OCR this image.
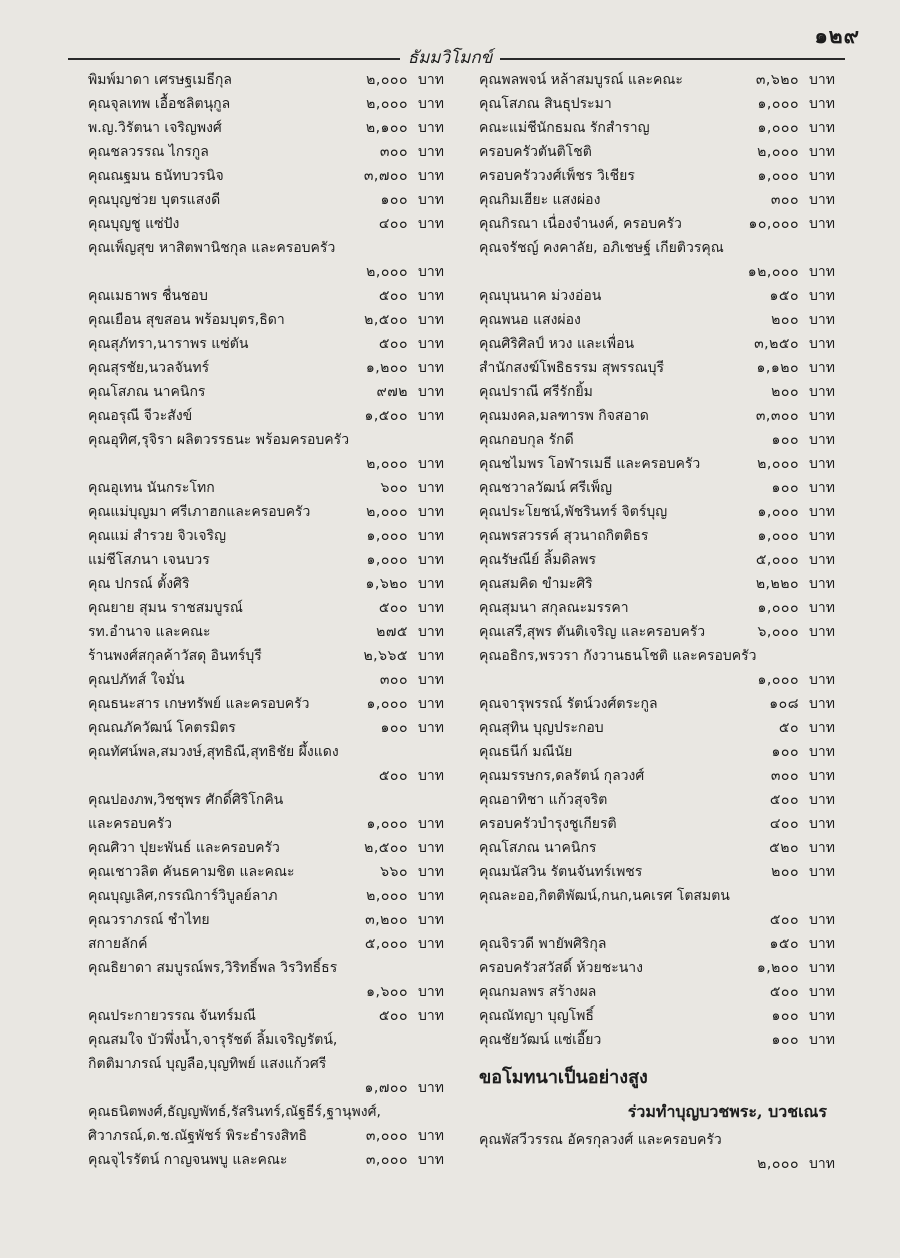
๑๒๙
ธัมมวิโมกข์
พิมพ์มาดา เศรษฐเมธีกุล	๒,๐๐๐ บาท
คุณจุลเทพ เอื้อชลิตนุกูล	๒,๐๐๐ บาท
พ.ญ.วิรัตนา เจริญพงศ์	๒,๑๐๐ บาท
คุณชลวรรณ ไกรกูล	๓๐๐ บาท
คุณณฐมน ธนัทบวรนิจ	๓,๗๐๐ บาท
คุณบุญช่วย บุตรแสงดี	๑๐๐ บาท
คุณบุญชู แซ่ปัง	๔๐๐ บาท
คุณเพ็ญสุข หาสิตพานิชกุล และครอบครัว
๒,๐๐๐ บาท
คุณเมธาพร ชื่นชอบ	๕๐๐ บาท
คุณเยือน สุขสอน พร้อมบุตร,ธิดา	๒,๕๐๐ บาท
คุณสุภัทรา,นาราพร แซ่ตัน	๕๐๐ บาท
คุณสุรชัย,นวลจันทร์	๑,๒๐๐ บาท
คุณโสภณ นาคนิกร	๙๗๒ บาท
คุณอรุณี จีวะสังข์	๑,๕๐๐ บาท
คุณอุทิศ,รุจิรา ผลิตวรรธนะ พร้อมครอบครัว
๒,๐๐๐ บาท
คุณอุเทน นันกระโทก	๖๐๐ บาท
คุณแม่บุญมา ศรีเภาฮกและครอบครัว	๒,๐๐๐ บาท
คุณแม่ สำรวย จิวเจริญ	๑,๐๐๐ บาท
แม่ชีโสภนา เจนบวร	๑,๐๐๐ บาท
คุณ ปกรณ์ ตั้งศิริ	๑,๖๒๐ บาท
คุณยาย สุมน ราชสมบูรณ์	๕๐๐ บาท
รท.อำนาจ และคณะ	๒๗๕ บาท
ร้านพงศ์สกุลค้าวัสดุ อินทร์บุรี	๒,๖๖๕ บาท
คุณปภัทส์ ใจมั่น	๓๐๐ บาท
คุณธนะสาร เกษทรัพย์ และครอบครัว	๑,๐๐๐ บาท
คุณณภัควัฒน์ โคตรมิตร	๑๐๐ บาท
คุณทัศน์พล,สมวงษ์,สุทธิณี,สุทธิชัย ผึ้งแดง
๕๐๐ บาท
คุณปองภพ,วิชชุพร ศักดิ์ศิริโกคิน
และครอบครัว	๑,๐๐๐ บาท
คุณศิวา ปุยะพันธ์ และครอบครัว	๒,๕๐๐ บาท
คุณเชาวลิต คันธคามชิต และคณะ	๖๖๐ บาท
คุณบุญเลิศ,กรรณิการ์วิบูลย์ลาภ	๒,๐๐๐ บาท
คุณวราภรณ์ ชำไทย	๓,๒๐๐ บาท
สกายลักค์	๕,๐๐๐ บาท
คุณธิยาดา สมบูรณ์พร,วิริทธิ์พล วิรวิทธิ์ธร
๑,๖๐๐ บาท
คุณประกายวรรณ จันทร์มณี	๕๐๐ บาท
คุณสมใจ บัวพึ่งน้ำ,จารุรัชต์ ลิ้มเจริญรัตน์,
กิตติมาภรณ์ บุญลือ,บุญทิพย์ แสงแก้วศรี
๑,๗๐๐ บาท
คุณธนิตพงศ์,ธัญญพัทธ์,รัสรินทร์,ณัฐธีร์,ฐานุพงศ์,
ศิวาภรณ์,ด.ช.ณัฐพัชร์ พิระธำรงสิทธิ	๓,๐๐๐ บาท
คุณจุไรรัตน์ กาญจนพบู และคณะ	๓,๐๐๐ บาท
คุณพลพจน์ หล้าสมบูรณ์ และคณะ	๓,๖๒๐ บาท
คุณโสภณ สินธุประมา	๑,๐๐๐ บาท
คณะแม่ชีนักธมณ รักสำราญ	๑,๐๐๐ บาท
ครอบครัวตันติโชติ	๒,๐๐๐ บาท
ครอบครัววงศ์เพ็ชร วิเชียร	๑,๐๐๐ บาท
คุณกิมเฮียะ แสงผ่อง	๓๐๐ บาท
คุณกิรณา เนื่องจำนงค์, ครอบครัว	๑๐,๐๐๐ บาท
คุณจรัชญ์ คงคาลัย, อภิเชษฐ์ เกียติวรคุณ
๑๒,๐๐๐ บาท
คุณบุนนาค ม่วงอ่อน	๑๕๐ บาท
คุณพนอ แสงผ่อง	๒๐๐ บาท
คุณศิริศิลป์ หวง และเพื่อน	๓,๒๕๐ บาท
สำนักสงฆ์โพธิธรรม สุพรรณบุรี	๑,๑๒๐ บาท
คุณปราณี ศรีรักยิ้ม	๒๐๐ บาท
คุณมงคล,มลฑารพ กิจสอาด	๓,๓๐๐ บาท
คุณกอบกุล รักดี	๑๐๐ บาท
คุณชไมพร โอฬารเมธี และครอบครัว	๒,๐๐๐ บาท
คุณชวาลวัฒน์ ศรีเพ็ญ	๑๐๐ บาท
คุณประโยชน์,พัชรินทร์ จิตร์บุญ	๑,๐๐๐ บาท
คุณพรสวรรค์ สุวนาถกิตติธร	๑,๐๐๐ บาท
คุณรัษณีย์ ลิ้มดิลพร	๕,๐๐๐ บาท
คุณสมคิด ขำมะศิริ	๒,๒๒๐ บาท
คุณสุมนา สกุลณะมรรคา	๑,๐๐๐ บาท
คุณเสรี,สุพร ตันติเจริญ และครอบครัว	๖,๐๐๐ บาท
คุณอธิกร,พรวรา กังวานธนโชติ และครอบครัว
๑,๐๐๐ บาท
คุณจารุพรรณ์ รัตน์วงศ์ตระกูล	๑๐๘ บาท
คุณสุทิน บุญประกอบ	๕๐ บาท
คุณธนีก์ มณีนัย	๑๐๐ บาท
คุณมรรษกร,ดลรัตน์ กุลวงศ์	๓๐๐ บาท
คุณอาทิชา แก้วสุจริต	๕๐๐ บาท
ครอบครัวบำรุงชูเกียรติ	๔๐๐ บาท
คุณโสภณ นาคนิกร	๕๒๐ บาท
คุณมนัสวิน รัตนจันทร์เพชร	๒๐๐ บาท
คุณละออ,กิตติพัฒน์,กนก,นคเรศ โตสมตน
๕๐๐ บาท
คุณจิรวดี พายัพศิริกุล	๑๕๐ บาท
ครอบครัวสวัสดิ์ ห้วยชะนาง	๑,๒๐๐ บาท
คุณกมลพร สร้างผล	๕๐๐ บาท
คุณณัทญา บุญโพธิ์	๑๐๐ บาท
คุณชัยวัฒน์ แซ่เอี๊ยว	๑๐๐ บาท
ขอโมทนาเป็นอย่างสูง
ร่วมทำบุญบวชพระ, บวชเณร
คุณพัสวีวรรณ อัครกุลวงศ์ และครอบครัว
๒,๐๐๐ บาท
